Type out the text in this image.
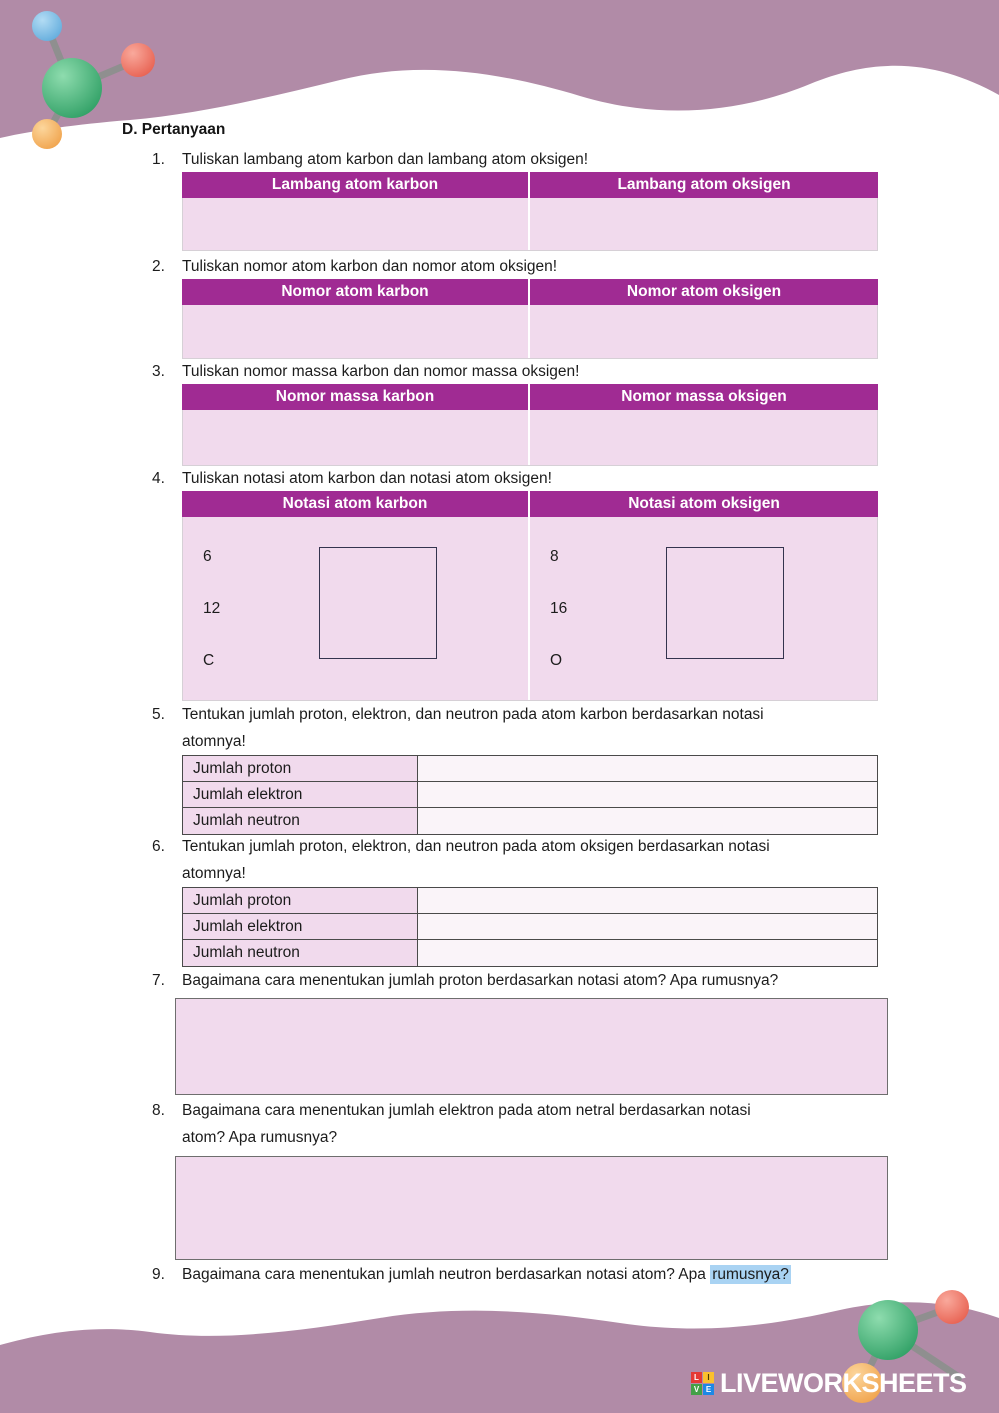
D. Pertanyaan
1.	Tuliskan lambang atom karbon dan lambang atom oksigen!
Lambang atom karbon	Lambang atom oksigen
2.	Tuliskan nomor atom karbon dan nomor atom oksigen!
Nomor atom karbon	Nomor atom oksigen
3.	Tuliskan nomor massa karbon dan nomor massa oksigen!
Nomor massa karbon	Nomor massa oksigen
4.	Tuliskan notasi atom karbon dan notasi atom oksigen!
Notasi atom karbon	Notasi atom oksigen
6
12
C
8
16
O
5.	Tentukan jumlah proton, elektron, dan neutron pada atom karbon berdasarkan notasi
atomnya!
Jumlah proton
Jumlah elektron
Jumlah neutron
6.	Tentukan jumlah proton, elektron, dan neutron pada atom oksigen berdasarkan notasi
atomnya!
Jumlah proton
Jumlah elektron
Jumlah neutron
7.	Bagaimana cara menentukan jumlah proton berdasarkan notasi atom? Apa rumusnya?
8.	Bagaimana cara menentukan jumlah elektron pada atom netral berdasarkan notasi
atom? Apa rumusnya?
9.	Bagaimana cara menentukan jumlah neutron berdasarkan notasi atom? Apa rumusnya?
L	I
V E LIVEWORKSHEETS
